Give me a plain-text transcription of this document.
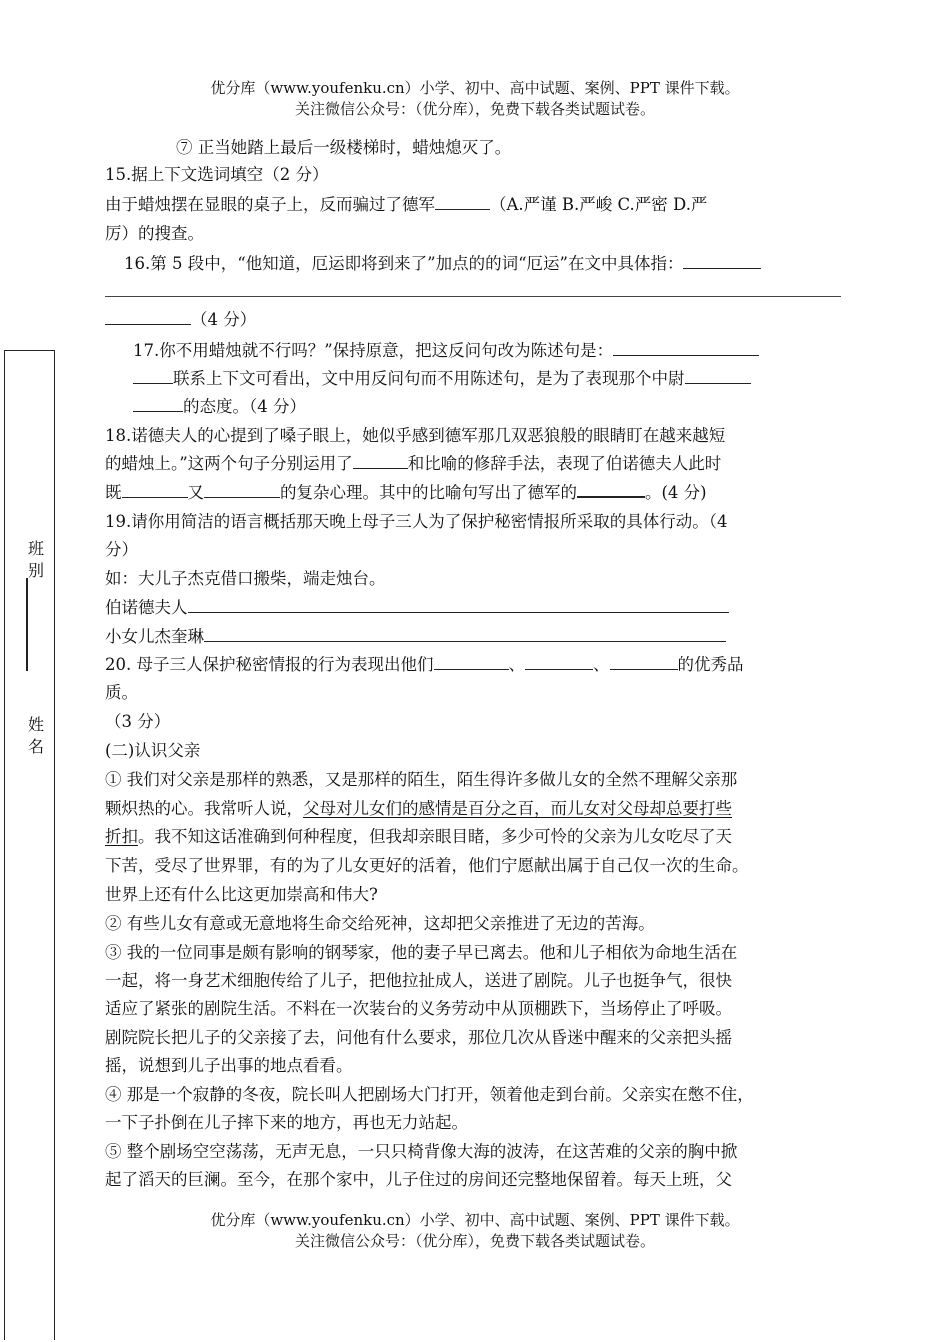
优分库（www.youfenku.cn）小学、初中、高中试题、案例、PPT 课件下载。
关注微信公众号：（优分库），免费下载各类试题试卷。
班别
姓名
⑦ 正当她踏上最后一级楼梯时，蜡烛熄灭了。
15.据上下文选词填空（2 分）
由于蜡烛摆在显眼的桌子上，反而骗过了德军	（A.严谨 B.严峻 C.严密 D.严
厉）的搜查。
16.第 5 段中，“他知道，厄运即将到来了”加点的的词“厄运”在文中具体指：
（4 分）
17.你不用蜡烛就不行吗？”保持原意，把这反问句改为陈述句是：
联系上下文可看出，文中用反问句而不用陈述句，是为了表现那个中尉
的态度。（4 分）
18.诺德夫人的心提到了嗓子眼上，她似乎感到德军那几双恶狼般的眼睛盯在越来越短
的蜡烛上。”这两个句子分别运用了	和比喻的修辞手法，表现了伯诺德夫人此时
既	又	的复杂心理。其中的比喻句写出了德军的	。(4 分)
19.请你用简洁的语言概括那天晚上母子三人为了保护秘密情报所采取的具体行动。（4
分）
如：大儿子杰克借口搬柴，端走烛台。
伯诺德夫人
小女儿杰奎琳
20. 母子三人保护秘密情报的行为表现出他们	、	、	的优秀品
质。
（3 分）
(二)认识父亲
① 我们对父亲是那样的熟悉，又是那样的陌生，陌生得许多做儿女的全然不理解父亲那
颗炽热的心。我常听人说，父母对儿女们的感情是百分之百，而儿女对父母却总要打些
折扣。我不知这话准确到何种程度，但我却亲眼目睹，多少可怜的父亲为儿女吃尽了天
下苦，受尽了世界罪，有的为了儿女更好的活着，他们宁愿献出属于自己仅一次的生命。
世界上还有什么比这更加崇高和伟大?
② 有些儿女有意或无意地将生命交给死神，这却把父亲推进了无边的苦海。
③ 我的一位同事是颇有影响的钢琴家，他的妻子早已离去。他和儿子相依为命地生活在
一起，将一身艺术细胞传给了儿子，把他拉扯成人，送进了剧院。儿子也挺争气，很快
适应了紧张的剧院生活。不料在一次装台的义务劳动中从顶棚跌下，当场停止了呼吸。
剧院院长把儿子的父亲接了去，问他有什么要求，那位几次从昏迷中醒来的父亲把头摇
摇，说想到儿子出事的地点看看。
④ 那是一个寂静的冬夜，院长叫人把剧场大门打开，领着他走到台前。父亲实在憋不住，
一下子扑倒在儿子摔下来的地方，再也无力站起。
⑤ 整个剧场空空荡荡，无声无息，一只只椅背像大海的波涛，在这苦难的父亲的胸中掀
起了滔天的巨澜。至今，在那个家中，儿子住过的房间还完整地保留着。每天上班，父
优分库（www.youfenku.cn）小学、初中、高中试题、案例、PPT 课件下载。
关注微信公众号：（优分库），免费下载各类试题试卷。
